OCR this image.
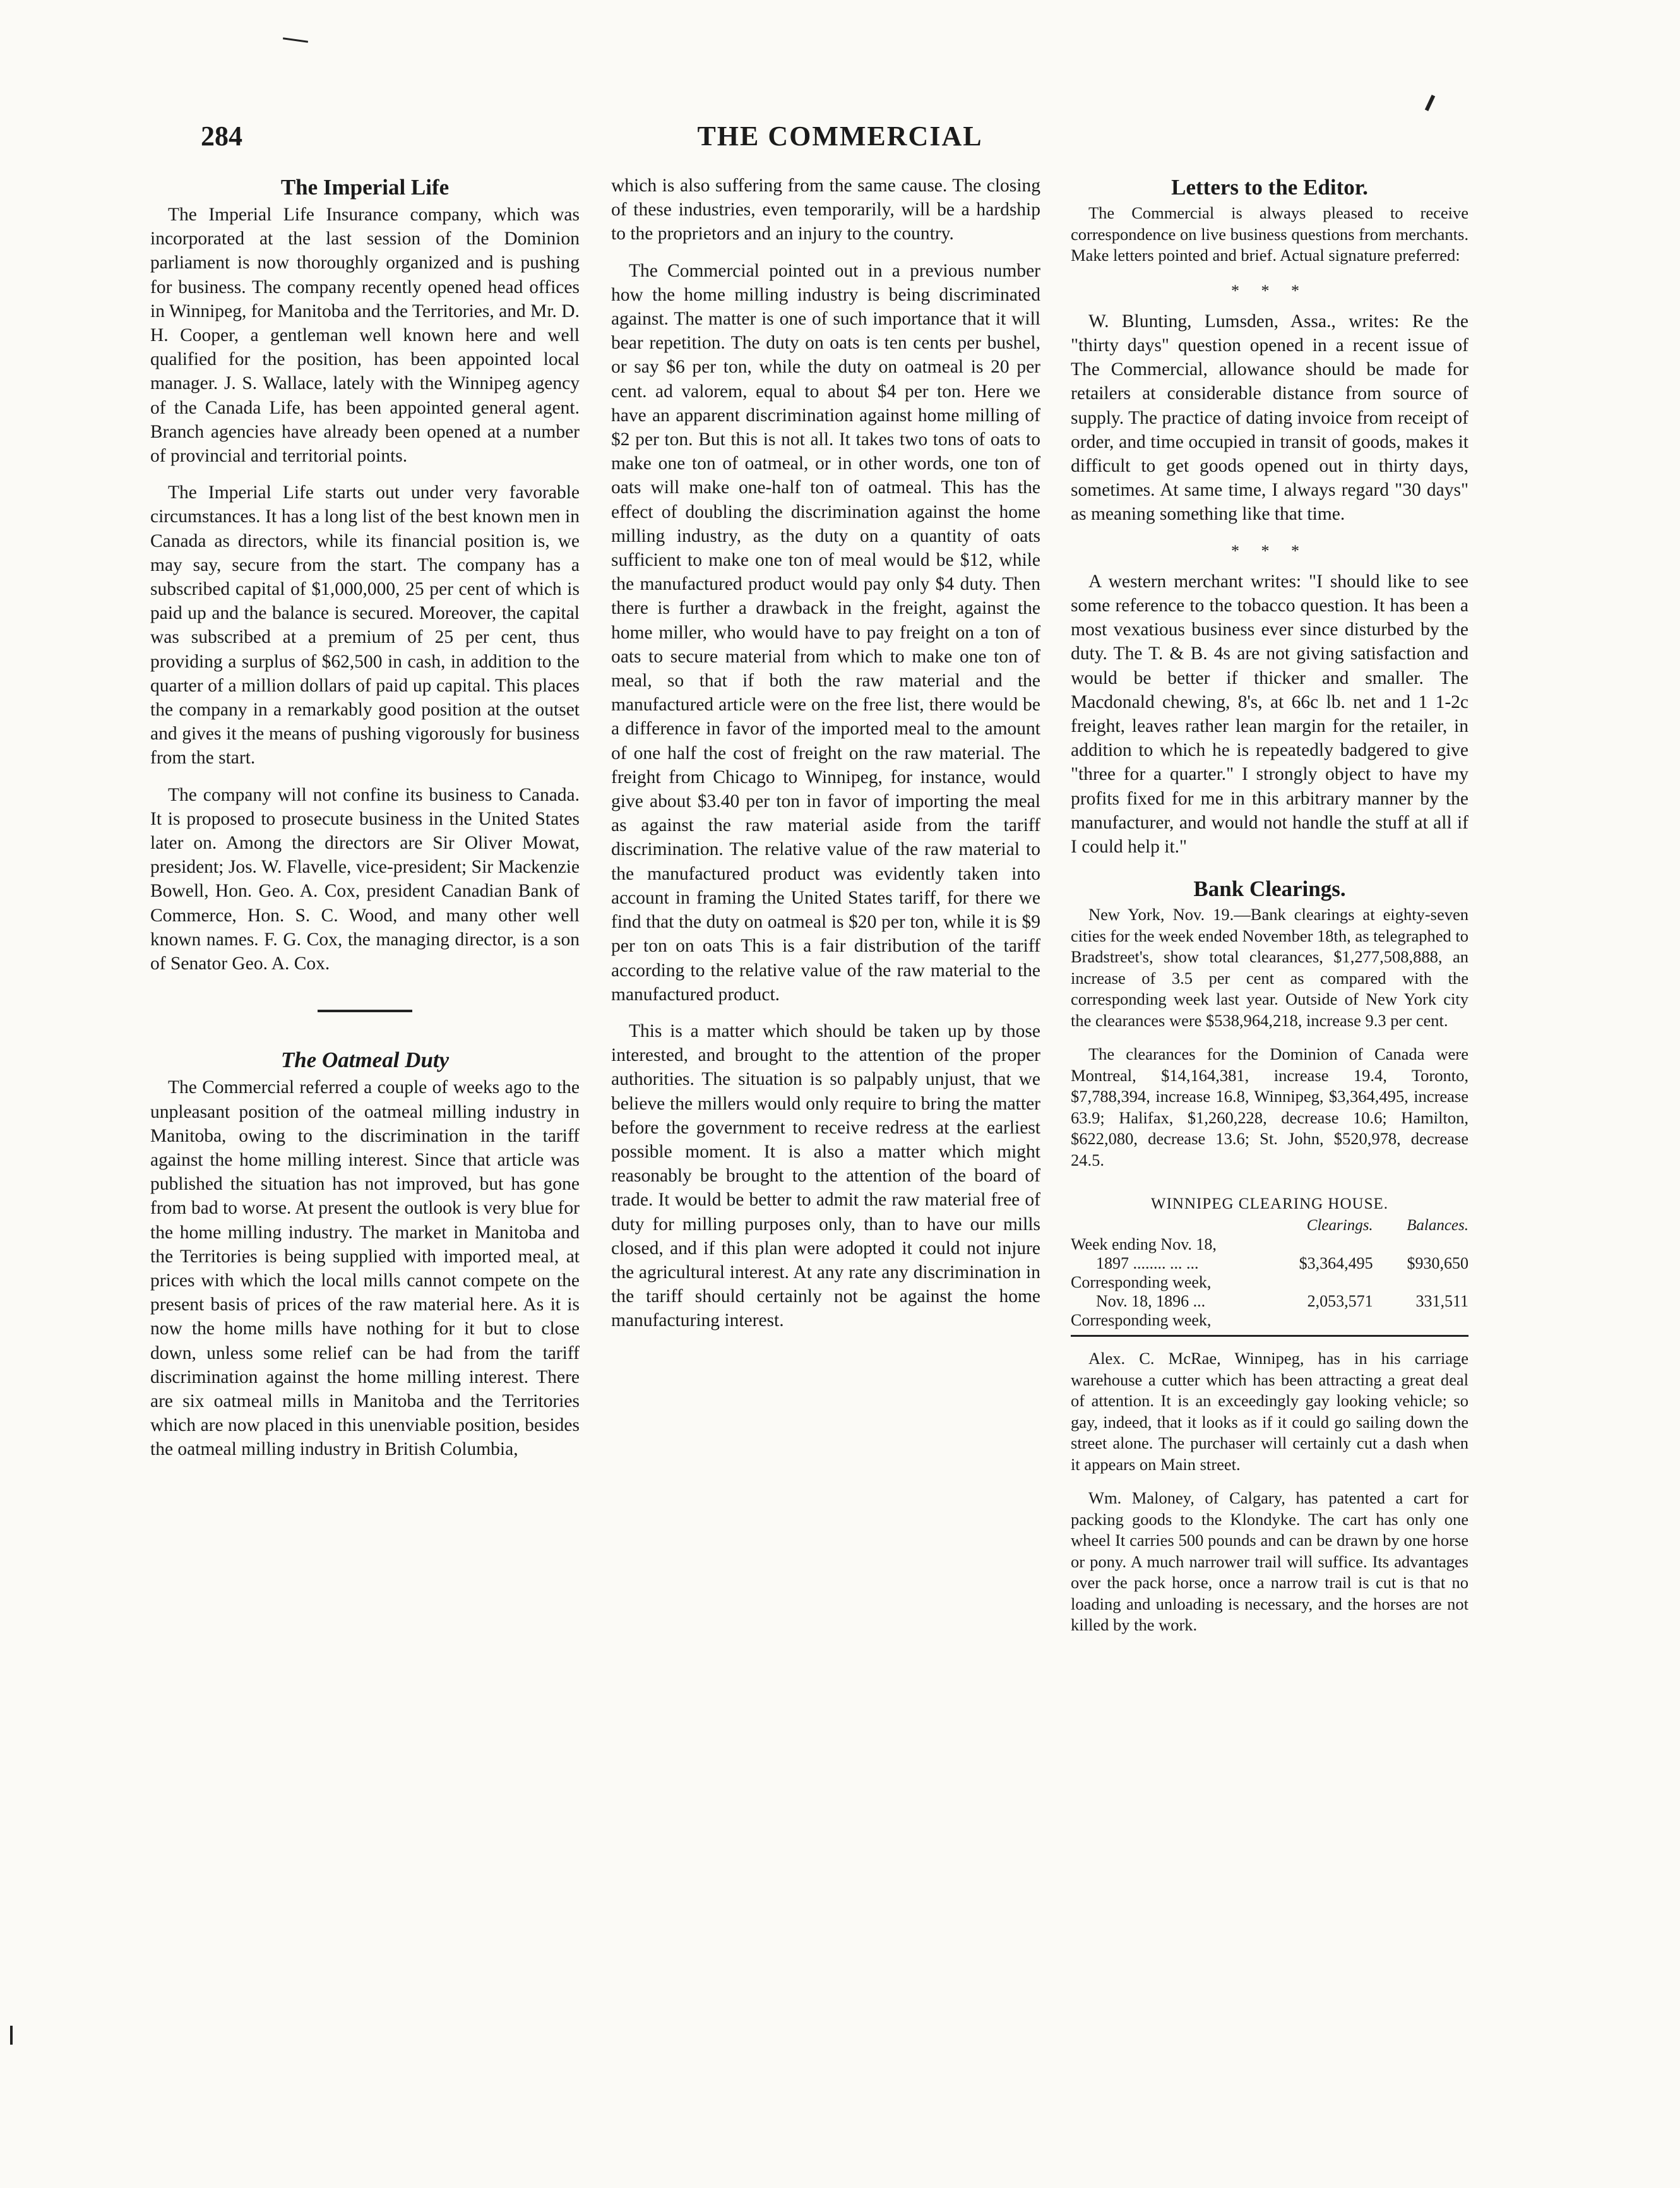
284	THE COMMERCIAL
The Imperial Life

The Imperial Life Insurance company, which was incorporated at the last session of the Dominion parliament is now thoroughly organized and is pushing for business. The company recently opened head offices in Winnipeg, for Manitoba and the Territories, and Mr. D. H. Cooper, a gentleman well known here and well qualified for the position, has been appointed local manager. J. S. Wallace, lately with the Winnipeg agency of the Canada Life, has been appointed general agent. Branch agencies have already been opened at a number of provincial and territorial points.

The Imperial Life starts out under very favorable circumstances. It has a long list of the best known men in Canada as directors, while its financial position is, we may say, secure from the start. The company has a subscribed capital of $1,000,000, 25 per cent of which is paid up and the balance is secured. Moreover, the capital was subscribed at a premium of 25 per cent, thus providing a surplus of $62,500 in cash, in addition to the quarter of a million dollars of paid up capital. This places the company in a remarkably good position at the outset and gives it the means of pushing vigorously for business from the start.

The company will not confine its business to Canada. It is proposed to prosecute business in the United States later on. Among the directors are Sir Oliver Mowat, president; Jos. W. Flavelle, vice-president; Sir Mackenzie Bowell, Hon. Geo. A. Cox, president Canadian Bank of Commerce, Hon. S. C. Wood, and many other well known names. F. G. Cox, the managing director, is a son of Senator Geo. A. Cox.

The Oatmeal Duty

The Commercial referred a couple of weeks ago to the unpleasant position of the oatmeal milling industry in Manitoba, owing to the discrimination in the tariff against the home milling interest. Since that article was published the situation has not improved, but has gone from bad to worse. At present the outlook is very blue for the home milling industry. The market in Manitoba and the Territories is being supplied with imported meal, at prices with which the local mills cannot compete on the present basis of prices of the raw material here. As it is now the home mills have nothing for it but to close down, unless some relief can be had from the tariff discrimination against the home milling interest. There are six oatmeal mills in Manitoba and the Territories which are now placed in this unenviable position, besides the oatmeal milling industry in British Columbia,

which is also suffering from the same cause. The closing of these industries, even temporarily, will be a hardship to the proprietors and an injury to the country.

The Commercial pointed out in a previous number how the home milling industry is being discriminated against. The matter is one of such importance that it will bear repetition. The duty on oats is ten cents per bushel, or say $6 per ton, while the duty on oatmeal is 20 per cent. ad valorem, equal to about $4 per ton. Here we have an apparent discrimination against home milling of $2 per ton. But this is not all. It takes two tons of oats to make one ton of oatmeal, or in other words, one ton of oats will make one-half ton of oatmeal. This has the effect of doubling the discrimination against the home milling industry, as the duty on a quantity of oats sufficient to make one ton of meal would be $12, while the manufactured product would pay only $4 duty. Then there is further a drawback in the freight, against the home miller, who would have to pay freight on a ton of oats to secure material from which to make one ton of meal, so that if both the raw material and the manufactured article were on the free list, there would be a difference in favor of the imported meal to the amount of one half the cost of freight on the raw material. The freight from Chicago to Winnipeg, for instance, would give about $3.40 per ton in favor of importing the meal as against the raw material aside from the tariff discrimination. The relative value of the raw material to the manufactured product was evidently taken into account in framing the United States tariff, for there we find that the duty on oatmeal is $20 per ton, while it is $9 per ton on oats This is a fair distribution of the tariff according to the relative value of the raw material to the manufactured product.

This is a matter which should be taken up by those interested, and brought to the attention of the proper authorities. The situation is so palpably unjust, that we believe the millers would only require to bring the matter before the government to receive redress at the earliest possible moment. It is also a matter which might reasonably be brought to the attention of the board of trade. It would be better to admit the raw material free of duty for milling purposes only, than to have our mills closed, and if this plan were adopted it could not injure the agricultural interest. At any rate any discrimination in the tariff should certainly not be against the home manufacturing interest.

Letters to the Editor.

The Commercial is always pleased to receive correspondence on live business questions from merchants. Make letters pointed and brief. Actual signature preferred:

* * *

W. Blunting, Lumsden, Assa., writes: Re the "thirty days" question opened in a recent issue of The Commercial, allowance should be made for retailers at considerable distance from source of supply. The practice of dating invoice from receipt of order, and time occupied in transit of goods, makes it difficult to get goods opened out in thirty days, sometimes. At same time, I always regard "30 days" as meaning something like that time.

* * *

A western merchant writes: "I should like to see some reference to the tobacco question. It has been a most vexatious business ever since disturbed by the duty. The T. & B. 4s are not giving satisfaction and would be better if thicker and smaller. The Macdonald chewing, 8's, at 66c lb. net and 1 1-2c freight, leaves rather lean margin for the retailer, in addition to which he is repeatedly badgered to give "three for a quarter." I strongly object to have my profits fixed for me in this arbitrary manner by the manufacturer, and would not handle the stuff at all if I could help it."

Bank Clearings.

New York, Nov. 19.—Bank clearings at eighty-seven cities for the week ended November 18th, as telegraphed to Bradstreet's, show total clearances, $1,277,508,888, an increase of 3.5 per cent as compared with the corresponding week last year. Outside of New York city the clearances were $538,964,218, increase 9.3 per cent.

The clearances for the Dominion of Canada were Montreal, $14,164,381, increase 19.4, Toronto, $7,788,394, increase 16.8, Winnipeg, $3,364,495, increase 63.9; Halifax, $1,260,228, decrease 10.6; Hamilton, $622,080, decrease 13.6; St. John, $520,978, decrease 24.5.

WINNIPEG CLEARING HOUSE.
	Clearings.	Balances.
Week ending Nov. 18,		
1897 ........ ... ...	$3,364,495	$930,650
Corresponding week,		
Nov. 18, 1896 ...	2,053,571	331,511
Corresponding week,		

Alex. C. McRae, Winnipeg, has in his carriage warehouse a cutter which has been attracting a great deal of attention. It is an exceedingly gay looking vehicle; so gay, indeed, that it looks as if it could go sailing down the street alone. The purchaser will certainly cut a dash when it appears on Main street.

Wm. Maloney, of Calgary, has patented a cart for packing goods to the Klondyke. The cart has only one wheel It carries 500 pounds and can be drawn by one horse or pony. A much narrower trail will suffice. Its advantages over the pack horse, once a narrow trail is cut is that no loading and unloading is necessary, and the horses are not killed by the work.
